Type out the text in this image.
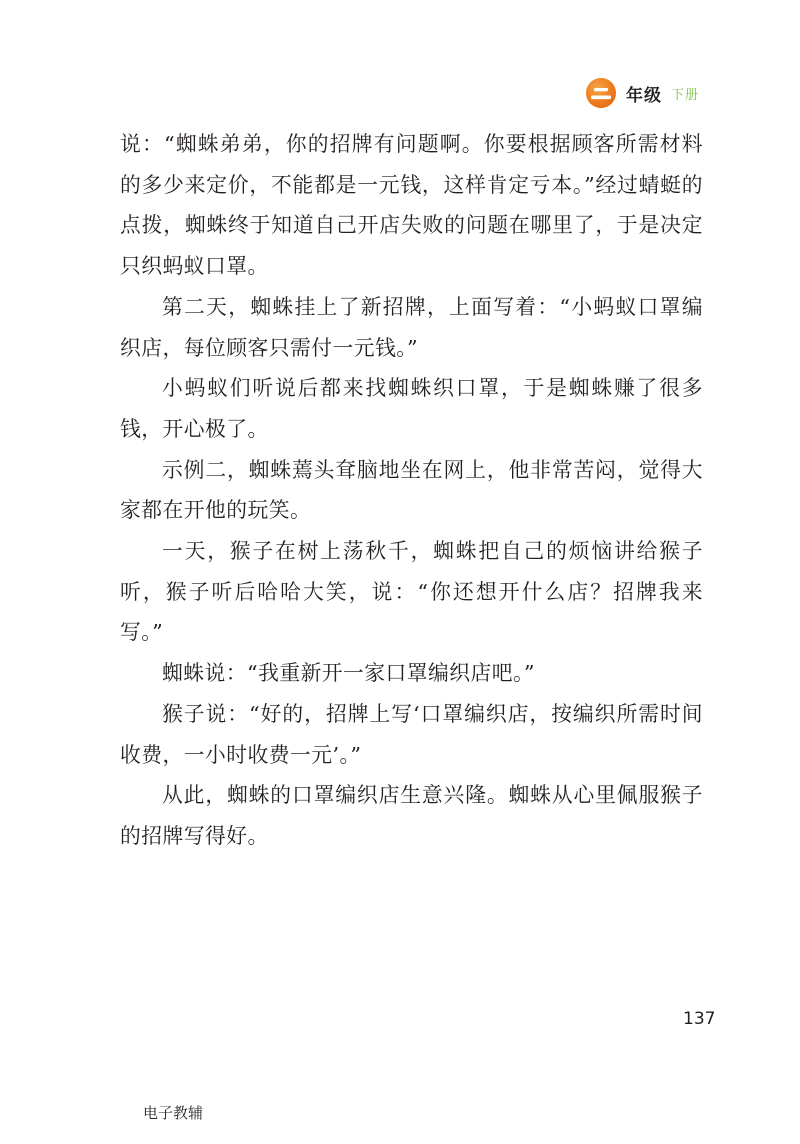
年级 下册

说：“蜘蛛弟弟，你的招牌有问题啊。你要根据顾客所需材料的多少来定价，不能都是一元钱，这样肯定亏本。”经过蜻蜓的点拨，蜘蛛终于知道自己开店失败的问题在哪里了，于是决定只织蚂蚁口罩。

第二天，蜘蛛挂上了新招牌，上面写着：“小蚂蚁口罩编织店，每位顾客只需付一元钱。”

小蚂蚁们听说后都来找蜘蛛织口罩，于是蜘蛛赚了很多钱，开心极了。

示例二，蜘蛛蔫头耷脑地坐在网上，他非常苦闷，觉得大家都在开他的玩笑。

一天，猴子在树上荡秋千，蜘蛛把自己的烦恼讲给猴子听，猴子听后哈哈大笑，说：“你还想开什么店？招牌我来写。”

蜘蛛说：“我重新开一家口罩编织店吧。”

猴子说：“好的，招牌上写‘口罩编织店，按编织所需时间收费，一小时收费一元’。”

从此，蜘蛛的口罩编织店生意兴隆。蜘蛛从心里佩服猴子的招牌写得好。

137
电子教辅
